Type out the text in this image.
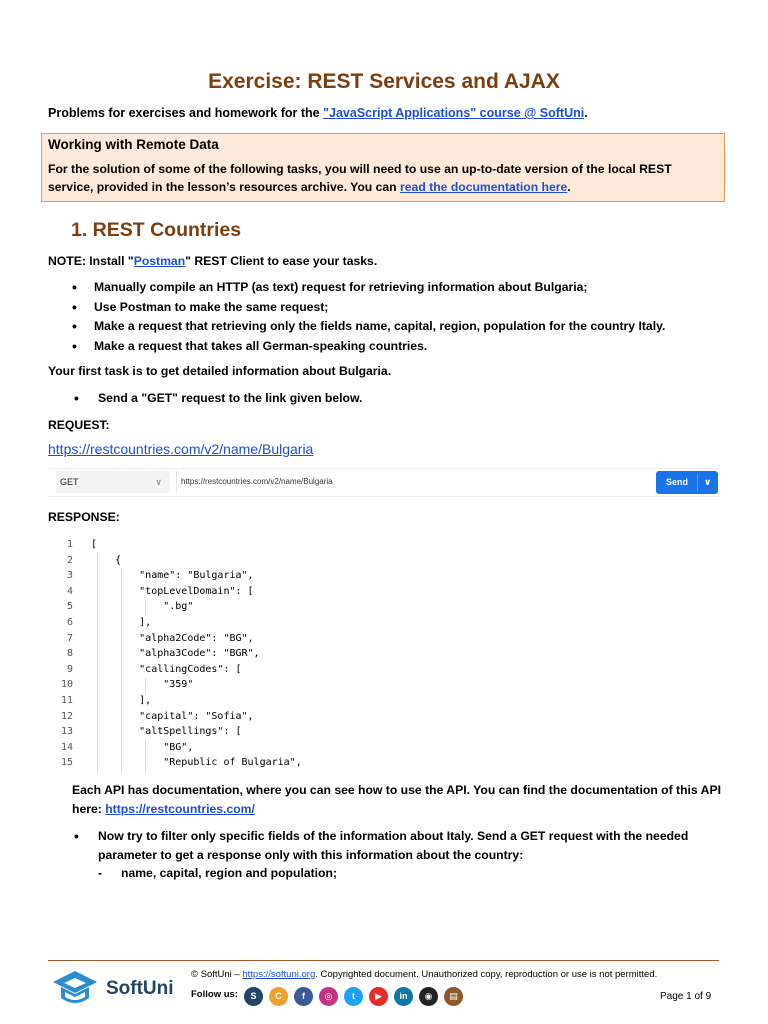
Exercise: REST Services and AJAX
Problems for exercises and homework for the "JavaScript Applications" course @ SoftUni.
Working with Remote Data
For the solution of some of the following tasks, you will need to use an up-to-date version of the local REST service, provided in the lesson’s resources archive. You can read the documentation here.
1. REST Countries
NOTE: Install "Postman" REST Client to ease your tasks.
• Manually compile an HTTP (as text) request for retrieving information about Bulgaria;
• Use Postman to make the same request;
• Make a request that retrieving only the fields name, capital, region, population for the country Italy.
• Make a request that takes all German-speaking countries.
Your first task is to get detailed information about Bulgaria.
• Send a "GET" request to the link given below.
REQUEST:
https://restcountries.com/v2/name/Bulgaria
GET	∨	https://restcountries.com/v2/name/Bulgaria	Send ∨
RESPONSE:
1 [
2 {
3 "name": "Bulgaria",
4 "topLevelDomain": [
5 ".bg"
6 ],
7 "alpha2Code": "BG",
8 "alpha3Code": "BGR",
9 "callingCodes": [
10 "359"
11 ],
12 "capital": "Sofia",
13 "altSpellings": [
14 "BG",
15 "Republic of Bulgaria",
Each API has documentation, where you can see how to use the API. You can find the documentation of this API here: https://restcountries.com/
• Now try to filter only specific fields of the information about Italy. Send a GET request with the needed parameter to get a response only with this information about the country:
- name, capital, region and population;
SoftUni
© SoftUni – https://softuni.org. Copyrighted document. Unauthorized copy, reproduction or use is not permitted.
Follow us:	S	C	f	◎	t	▶	in	◉	▤	Page 1 of 9
